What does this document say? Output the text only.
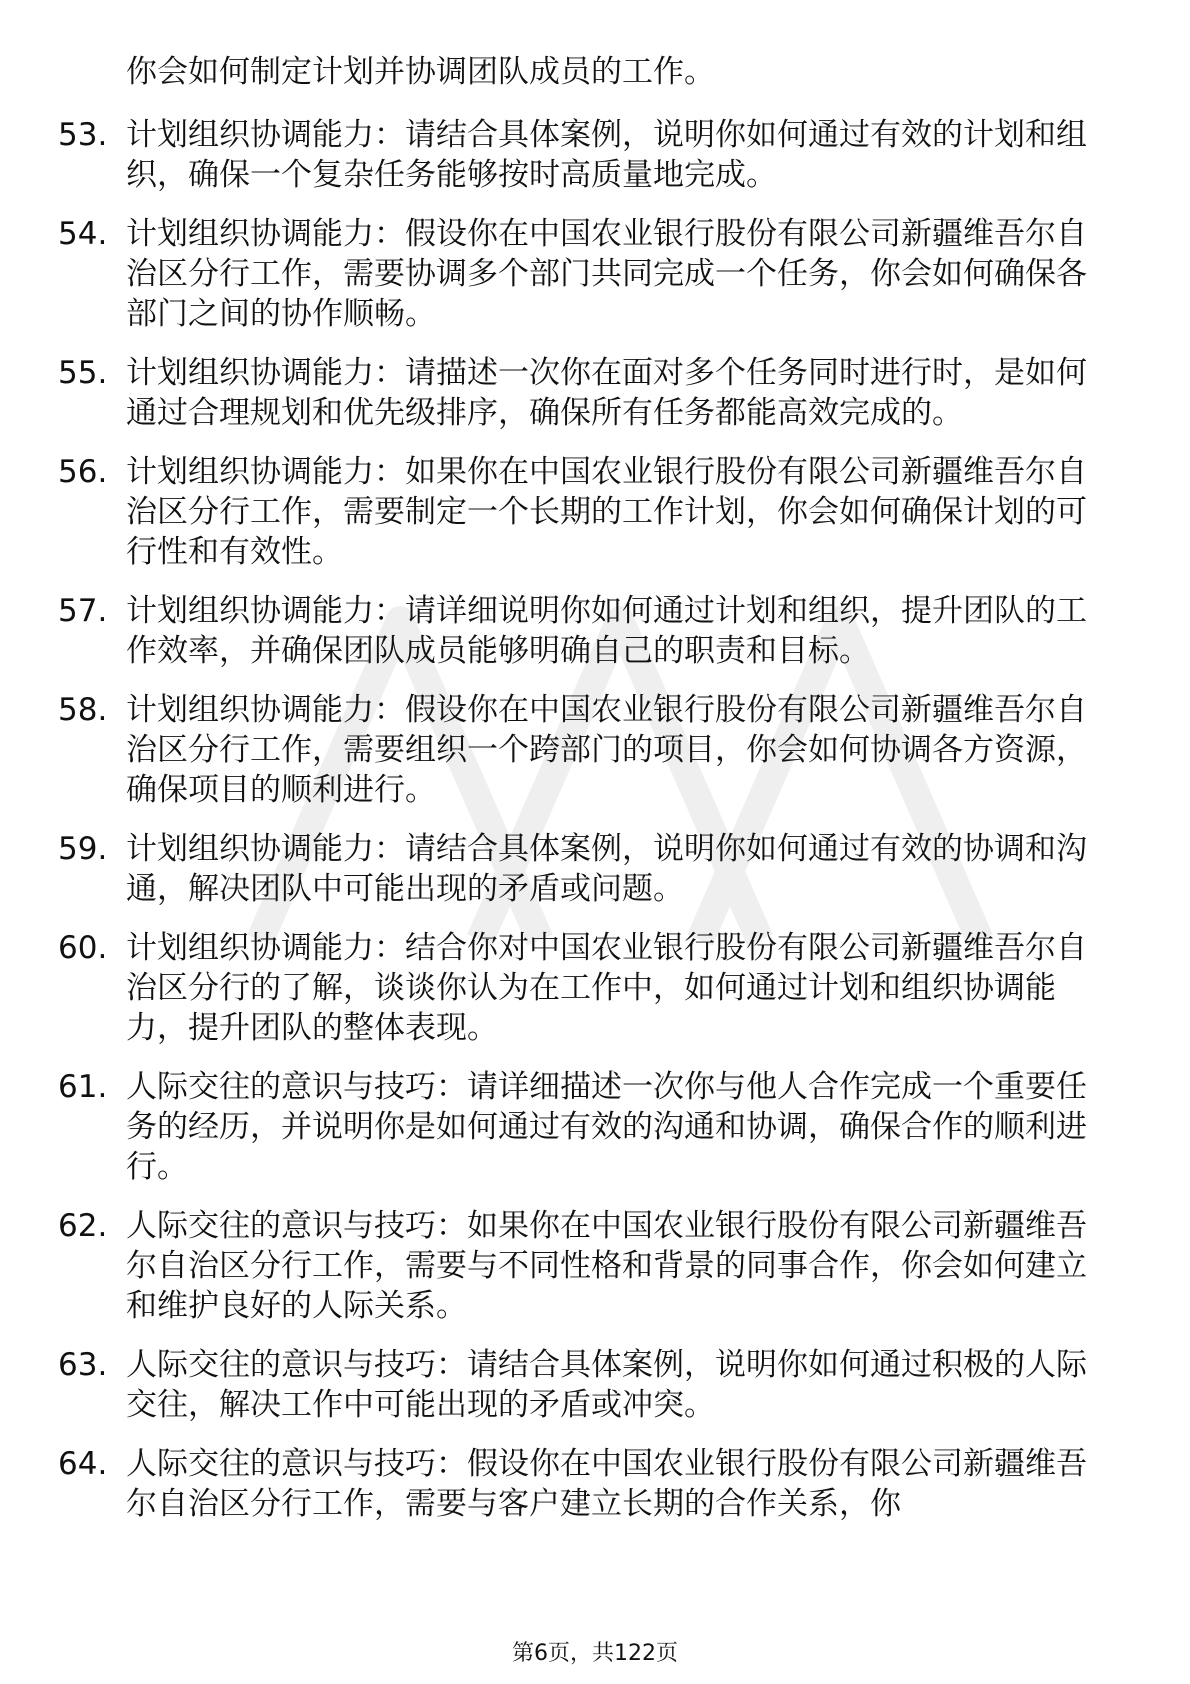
你会如何制定计划并协调团队成员的工作。
53. 计划组织协调能力：请结合具体案例，说明你如何通过有效的计划和组织，确保一个复杂任务能够按时高质量地完成。
54. 计划组织协调能力：假设你在中国农业银行股份有限公司新疆维吾尔自治区分行工作，需要协调多个部门共同完成一个任务，你会如何确保各部门之间的协作顺畅。
55. 计划组织协调能力：请描述一次你在面对多个任务同时进行时，是如何通过合理规划和优先级排序，确保所有任务都能高效完成的。
56. 计划组织协调能力：如果你在中国农业银行股份有限公司新疆维吾尔自治区分行工作，需要制定一个长期的工作计划，你会如何确保计划的可行性和有效性。
57. 计划组织协调能力：请详细说明你如何通过计划和组织，提升团队的工作效率，并确保团队成员能够明确自己的职责和目标。
58. 计划组织协调能力：假设你在中国农业银行股份有限公司新疆维吾尔自治区分行工作，需要组织一个跨部门的项目，你会如何协调各方资源，确保项目的顺利进行。
59. 计划组织协调能力：请结合具体案例，说明你如何通过有效的协调和沟通，解决团队中可能出现的矛盾或问题。
60. 计划组织协调能力：结合你对中国农业银行股份有限公司新疆维吾尔自治区分行的了解，谈谈你认为在工作中，如何通过计划和组织协调能力，提升团队的整体表现。
61. 人际交往的意识与技巧：请详细描述一次你与他人合作完成一个重要任务的经历，并说明你是如何通过有效的沟通和协调，确保合作的顺利进行。
62. 人际交往的意识与技巧：如果你在中国农业银行股份有限公司新疆维吾尔自治区分行工作，需要与不同性格和背景的同事合作，你会如何建立和维护良好的人际关系。
63. 人际交往的意识与技巧：请结合具体案例，说明你如何通过积极的人际交往，解决工作中可能出现的矛盾或冲突。
64. 人际交往的意识与技巧：假设你在中国农业银行股份有限公司新疆维吾尔自治区分行工作，需要与客户建立长期的合作关系，你
第6页，共122页
